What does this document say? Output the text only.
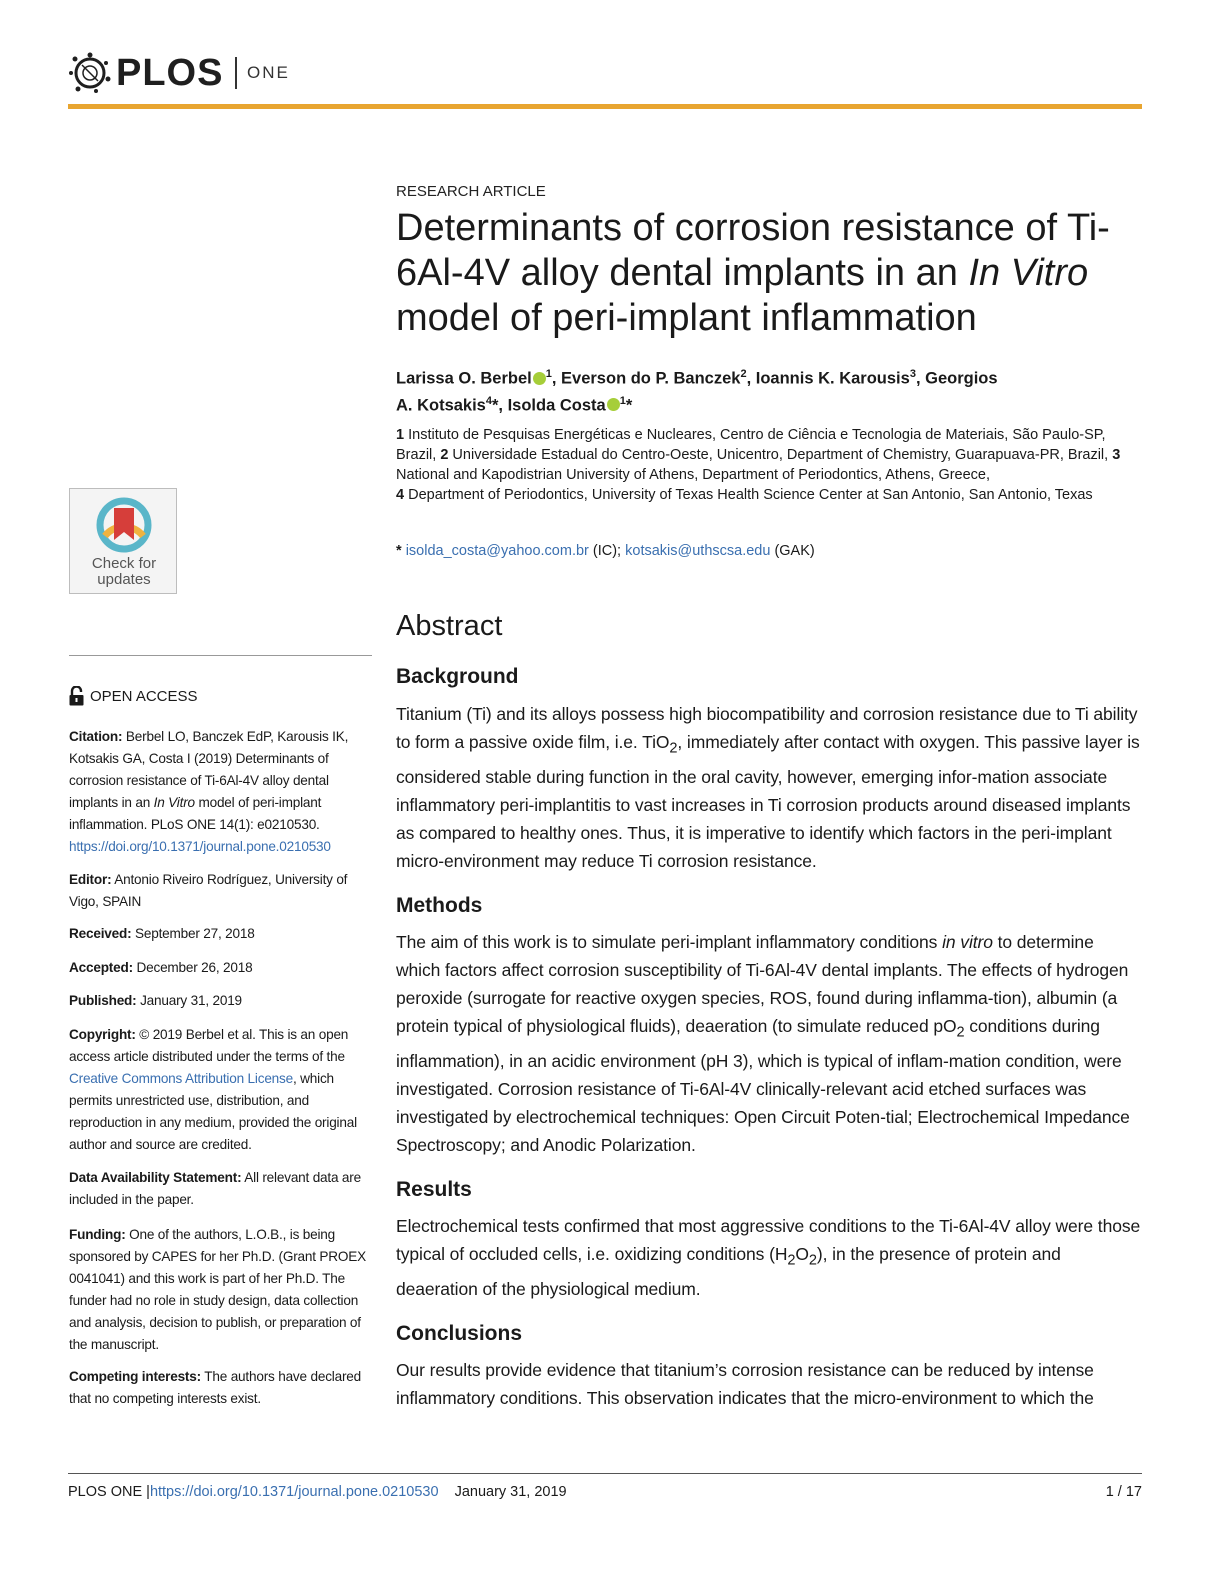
PLOS ONE
Check for
updates
OPEN ACCESS
Citation: Berbel LO, Banczek EdP, Karousis IK, Kotsakis GA, Costa I (2019) Determinants of corrosion resistance of Ti-6Al-4V alloy dental implants in an In Vitro model of peri-implant inflammation. PLoS ONE 14(1): e0210530. https://doi.org/10.1371/journal.pone.0210530
Editor: Antonio Riveiro Rodríguez, University of Vigo, SPAIN
Received: September 27, 2018
Accepted: December 26, 2018
Published: January 31, 2019
Copyright: © 2019 Berbel et al. This is an open access article distributed under the terms of the Creative Commons Attribution License, which permits unrestricted use, distribution, and reproduction in any medium, provided the original author and source are credited.
Data Availability Statement: All relevant data are included in the paper.
Funding: One of the authors, L.O.B., is being sponsored by CAPES for her Ph.D. (Grant PROEX 0041041) and this work is part of her Ph.D. The funder had no role in study design, data collection and analysis, decision to publish, or preparation of the manuscript.
Competing interests: The authors have declared that no competing interests exist.
RESEARCH ARTICLE
Determinants of corrosion resistance of Ti-
6Al-4V alloy dental implants in an In Vitro
model of peri-implant inflammation
Larissa O. Berbel $^1$, Everson do P. Banczek$^2$, Ioannis K. Karousis$^3$, Georgios
A. Kotsakis$^4$*, Isolda Costa $^1$*
1 Instituto de Pesquisas Energéticas e Nucleares, Centro de Ciência e Tecnologia de Materiais, São Paulo-SP, Brazil, 2 Universidade Estadual do Centro-Oeste, Unicentro, Department of Chemistry, Guarapuava-PR, Brazil, 3 National and Kapodistrian University of Athens, Department of Periodontics, Athens, Greece,
4 Department of Periodontics, University of Texas Health Science Center at San Antonio, San Antonio, Texas
* isolda_costa@yahoo.com.br (IC); kotsakis@uthscsa.edu (GAK)
Abstract
Background
Titanium (Ti) and its alloys possess high biocompatibility and corrosion resistance due to Ti ability to form a passive oxide film, i.e. TiO$_2$, immediately after contact with oxygen. This passive layer is considered stable during function in the oral cavity, however, emerging infor-mation associate inflammatory peri-implantitis to vast increases in Ti corrosion products around diseased implants as compared to healthy ones. Thus, it is imperative to identify which factors in the peri-implant micro-environment may reduce Ti corrosion resistance.
Methods
The aim of this work is to simulate peri-implant inflammatory conditions in vitro to determine which factors affect corrosion susceptibility of Ti-6Al-4V dental implants. The effects of hydrogen peroxide (surrogate for reactive oxygen species, ROS, found during inflamma-tion), albumin (a protein typical of physiological fluids), deaeration (to simulate reduced $pO_2$ conditions during inflammation), in an acidic environment (pH 3), which is typical of inflam-mation condition, were investigated. Corrosion resistance of Ti-6Al-4V clinically-relevant acid etched surfaces was investigated by electrochemical techniques: Open Circuit Poten-tial; Electrochemical Impedance Spectroscopy; and Anodic Polarization.
Results
Electrochemical tests confirmed that most aggressive conditions to the Ti-6Al-4V alloy were those typical of occluded cells, i.e. oxidizing conditions $(H_2O_2)$, in the presence of protein and deaeration of the physiological medium.
Conclusions
Our results provide evidence that titanium’s corrosion resistance can be reduced by intense inflammatory conditions. This observation indicates that the micro-environment to which the
PLOS ONE | https://doi.org/10.1371/journal.pone.0210530 January 31, 2019	1 / 17
